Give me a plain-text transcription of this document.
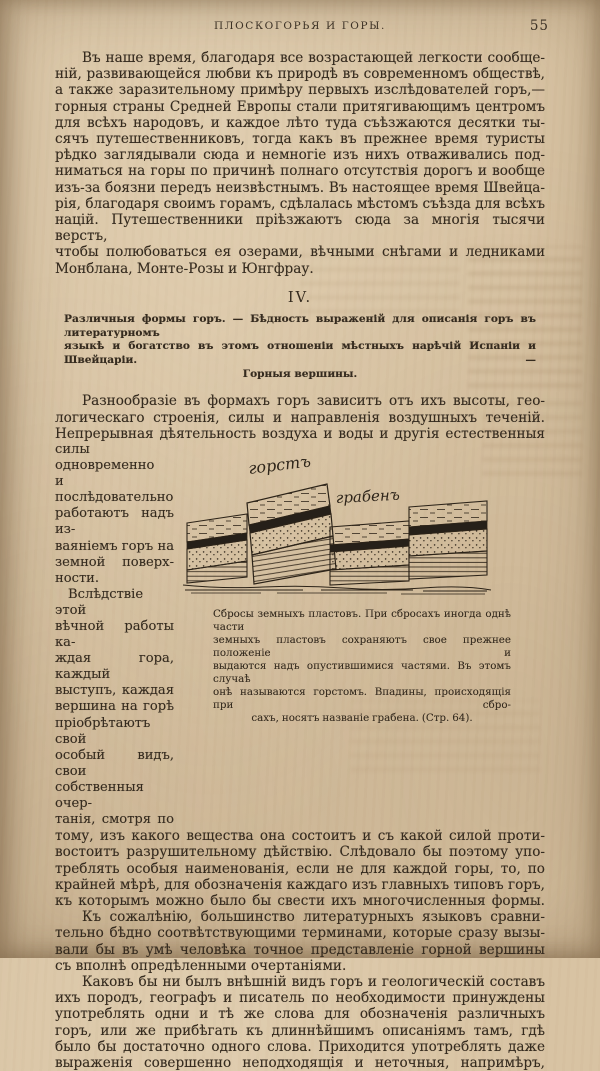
ПЛОСКОГОРЬЯ И ГОРЫ.	55
Въ наше время, благодаря все возрастающей легкости сообще-
ній, развивающейся любви къ природѣ въ современномъ обществѣ,
а также заразительному примѣру первыхъ изслѣдователей горъ,—
горныя страны Средней Европы стали притягивающимъ центромъ
для всѣхъ народовъ, и каждое лѣто туда съѣзжаются десятки ты-
сячъ путешественниковъ, тогда какъ въ прежнее время туристы
рѣдко заглядывали сюда и немногіе изъ нихъ отваживались под-
ниматься на горы по причинѣ полнаго отсутствія дорогъ и вообще
изъ-за боязни передъ неизвѣстнымъ. Въ настоящее время Швейца-
рія, благодаря своимъ горамъ, сдѣлалась мѣстомъ съѣзда для всѣхъ
націй. Путешественники пріѣзжаютъ сюда за многія тысячи верстъ,
чтобы полюбоваться ея озерами, вѣчными снѣгами и ледниками
Монблана, Монте-Розы и Юнгфрау.
IV.
Различныя формы горъ. — Бѣдность выраженій для описанія горъ въ литературномъ
языкѣ и богатство въ этомъ отношеніи мѣстныхъ нарѣчій Испаніи и Швейцаріи. —
Горныя вершины.
Разнообразіе въ формахъ горъ зависитъ отъ ихъ высоты, гео-
логическаго строенія, силы и направленія воздушныхъ теченій.
Непрерывная дѣятельность воздуха и воды и другія естественныя
силы одновременно
и послѣдовательно
работаютъ надъ из-
ваяніемъ горъ на
земной поверх-
ности.
Вслѣдствіе этой
вѣчной работы ка-
ждая гора, каждый
выступъ, каждая
вершина на горѣ
пріобрѣтаютъ свой
особый видъ, свои
собственныя очер-
танія, смотря по
горстъ
грабенъ
Сбросы земныхъ пластовъ. При сбросахъ иногда однѣ части
земныхъ пластовъ сохраняютъ свое прежнее положеніе и
выдаются надъ опустившимися частями. Въ этомъ случаѣ
онѣ называются горстомъ. Впадины, происходящія при сбро-
сахъ, носятъ названіе грабена. (Стр. 64).
тому, изъ какого вещества она состоитъ и съ какой силой проти-
востоитъ разрушительному дѣйствію. Слѣдовало бы поэтому упо-
треблять особыя наименованія, если не для каждой горы, то, по
крайней мѣрѣ, для обозначенія каждаго изъ главныхъ типовъ горъ,
къ которымъ можно было бы свести ихъ многочисленныя формы.
Къ сожалѣнію, большинство литературныхъ языковъ сравни-
тельно бѣдно соотвѣтствующими терминами, которые сразу вызы-
вали бы въ умѣ человѣка точное представленіе горной вершины
съ вполнѣ опредѣленными очертаніями.
Каковъ бы ни былъ внѣшній видъ горъ и геологическій составъ
ихъ породъ, географъ и писатель по необходимости принуждены
употреблять одни и тѣ же слова для обозначенія различныхъ
горъ, или же прибѣгать къ длиннѣйшимъ описаніямъ тамъ, гдѣ
было бы достаточно одного слова. Приходится употреблять даже
выраженія совершенно неподходящія и неточныя, напримѣръ,
